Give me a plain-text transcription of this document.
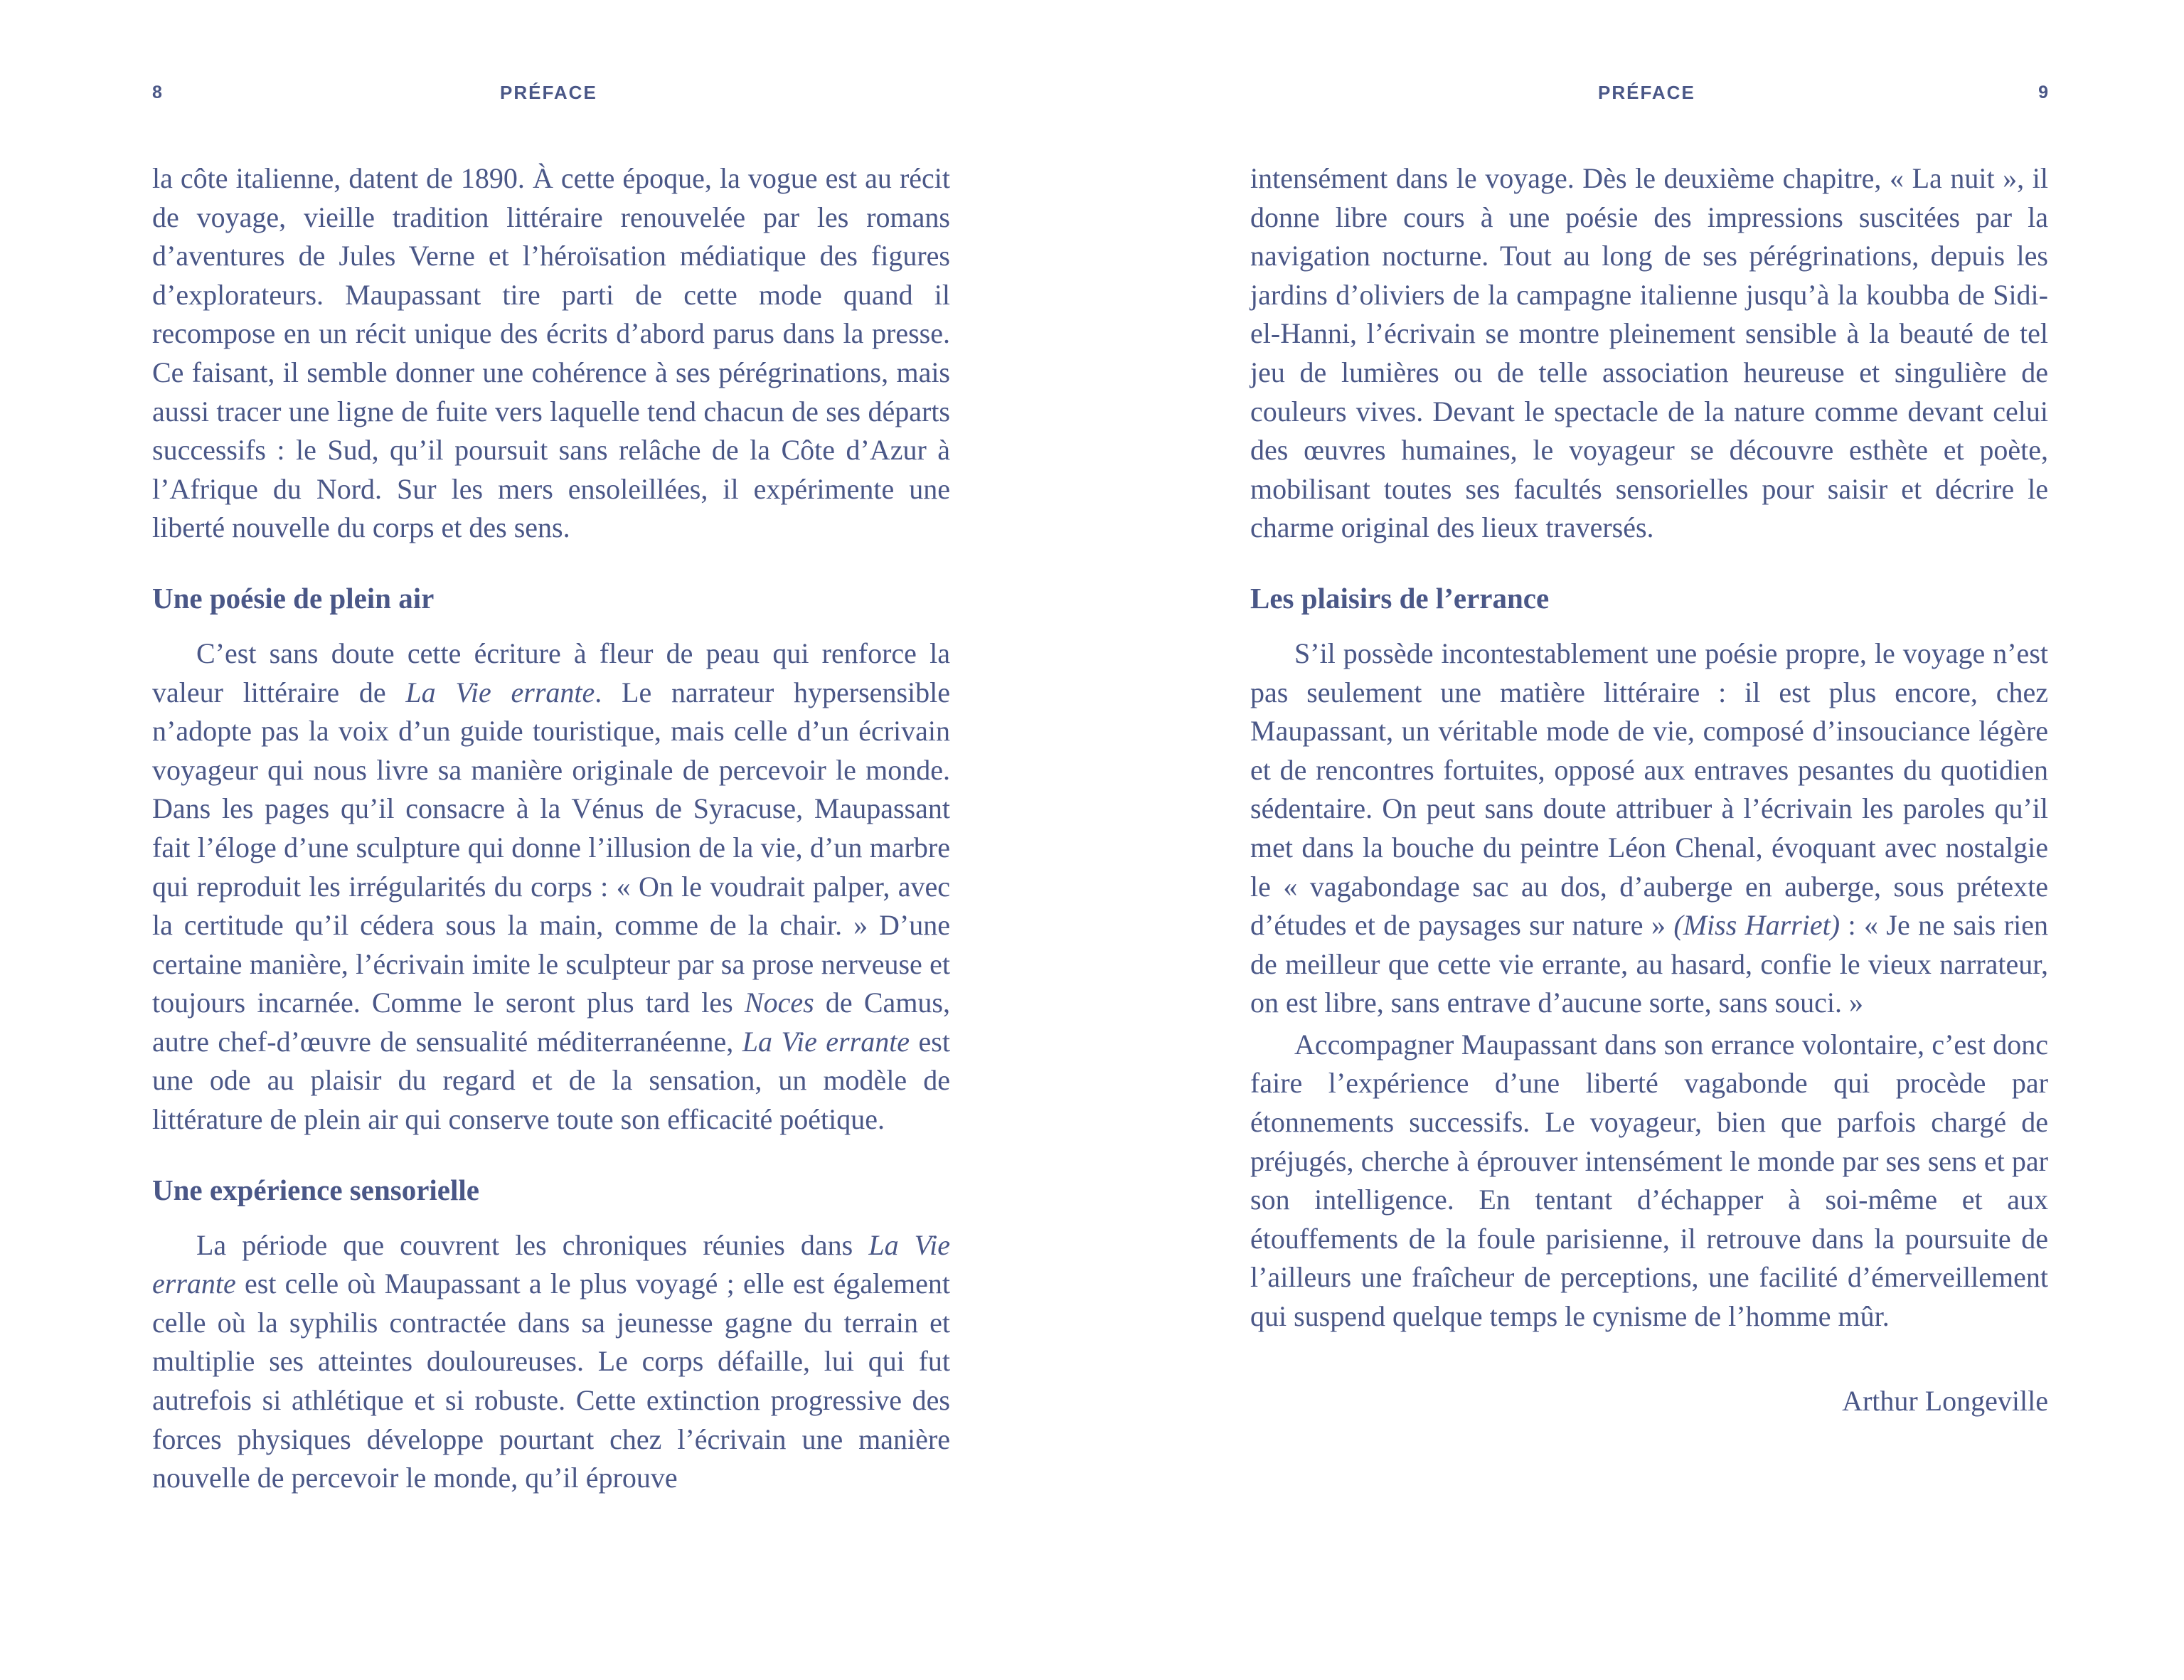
8	PRÉFACE

la côte italienne, datent de 1890. À cette époque, la vogue est au récit de voyage, vieille tradition littéraire renouvelée par les romans d’aventures de Jules Verne et l’héroïsation médiatique des figures d’explorateurs. Maupassant tire parti de cette mode quand il recompose en un récit unique des écrits d’abord parus dans la presse. Ce faisant, il semble donner une cohérence à ses pérégrinations, mais aussi tracer une ligne de fuite vers laquelle tend chacun de ses départs successifs : le Sud, qu’il poursuit sans relâche de la Côte d’Azur à l’Afrique du Nord. Sur les mers ensoleillées, il expérimente une liberté nouvelle du corps et des sens.

Une poésie de plein air

C’est sans doute cette écriture à fleur de peau qui renforce la valeur littéraire de La Vie errante. Le narrateur hypersensible n’adopte pas la voix d’un guide touristique, mais celle d’un écrivain voyageur qui nous livre sa manière originale de percevoir le monde. Dans les pages qu’il consacre à la Vénus de Syracuse, Maupassant fait l’éloge d’une sculpture qui donne l’illusion de la vie, d’un marbre qui reproduit les irrégularités du corps : « On le voudrait palper, avec la certitude qu’il cédera sous la main, comme de la chair. » D’une certaine manière, l’écrivain imite le sculpteur par sa prose nerveuse et toujours incarnée. Comme le seront plus tard les Noces de Camus, autre chef-d’œuvre de sensualité méditerranéenne, La Vie errante est une ode au plaisir du regard et de la sensation, un modèle de littérature de plein air qui conserve toute son efficacité poétique.

Une expérience sensorielle

La période que couvrent les chroniques réunies dans La Vie errante est celle où Maupassant a le plus voyagé ; elle est également celle où la syphilis contractée dans sa jeunesse gagne du terrain et multiplie ses atteintes douloureuses. Le corps défaille, lui qui fut autrefois si athlétique et si robuste. Cette extinction progressive des forces physiques développe pourtant chez l’écrivain une manière nouvelle de percevoir le monde, qu’il éprouve

PRÉFACE	9

intensément dans le voyage. Dès le deuxième chapitre, « La nuit », il donne libre cours à une poésie des impressions suscitées par la navigation nocturne. Tout au long de ses pérégrinations, depuis les jardins d’oliviers de la campagne italienne jusqu’à la koubba de Sidi-el-Hanni, l’écrivain se montre pleinement sensible à la beauté de tel jeu de lumières ou de telle association heureuse et singulière de couleurs vives. Devant le spectacle de la nature comme devant celui des œuvres humaines, le voyageur se découvre esthète et poète, mobilisant toutes ses facultés sensorielles pour saisir et décrire le charme original des lieux traversés.

Les plaisirs de l’errance

S’il possède incontestablement une poésie propre, le voyage n’est pas seulement une matière littéraire : il est plus encore, chez Maupassant, un véritable mode de vie, composé d’insouciance légère et de rencontres fortuites, opposé aux entraves pesantes du quotidien sédentaire. On peut sans doute attribuer à l’écrivain les paroles qu’il met dans la bouche du peintre Léon Chenal, évoquant avec nostalgie le « vagabondage sac au dos, d’auberge en auberge, sous prétexte d’études et de paysages sur nature » (Miss Harriet) : « Je ne sais rien de meilleur que cette vie errante, au hasard, confie le vieux narrateur, on est libre, sans entrave d’aucune sorte, sans souci. »

Accompagner Maupassant dans son errance volontaire, c’est donc faire l’expérience d’une liberté vagabonde qui procède par étonnements successifs. Le voyageur, bien que parfois chargé de préjugés, cherche à éprouver intensément le monde par ses sens et par son intelligence. En tentant d’échapper à soi-même et aux étouffements de la foule parisienne, il retrouve dans la poursuite de l’ailleurs une fraîcheur de perceptions, une facilité d’émerveillement qui suspend quelque temps le cynisme de l’homme mûr.

Arthur Longeville
